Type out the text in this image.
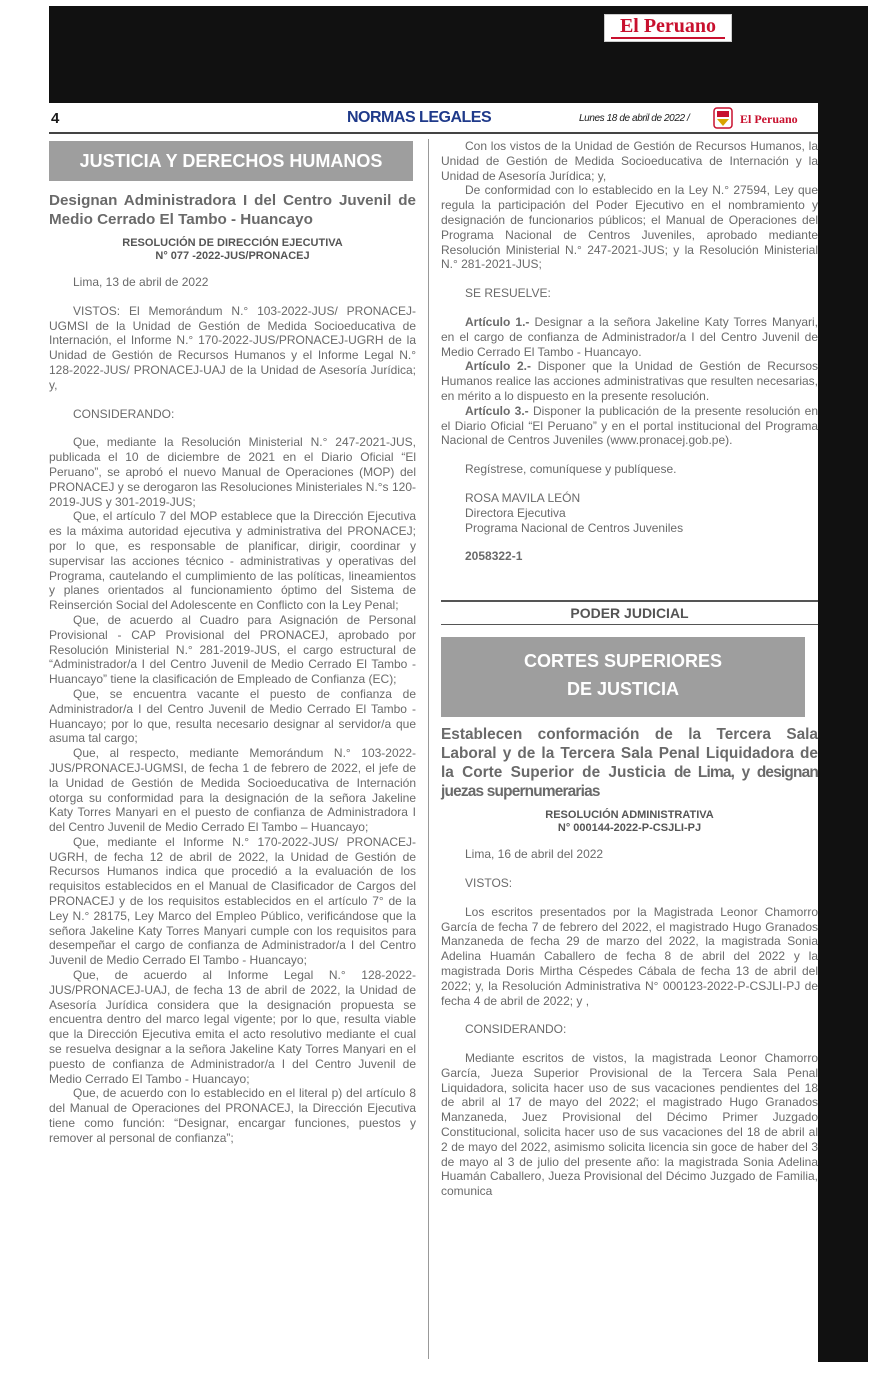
El Peruano
4	NORMAS LEGALES	Lunes 18 de abril de 2022 /	El Peruano
JUSTICIA Y DERECHOS HUMANOS
Designan Administradora I del Centro Juvenil de Medio Cerrado El Tambo - Huancayo
RESOLUCIÓN DE DIRECCIÓN EJECUTIVA
N° 077 -2022-JUS/PRONACEJ

Lima, 13 de abril de 2022

VISTOS: El Memorándum N.° 103-2022-JUS/ PRONACEJ-UGMSI de la Unidad de Gestión de Medida Socioeducativa de Internación, el Informe N.° 170-2022-JUS/PRONACEJ-UGRH de la Unidad de Gestión de Recursos Humanos y el Informe Legal N.° 128-2022-JUS/ PRONACEJ-UAJ de la Unidad de Asesoría Jurídica; y,

CONSIDERANDO:

Que, mediante la Resolución Ministerial N.° 247-2021-JUS, publicada el 10 de diciembre de 2021 en el Diario Oficial “El Peruano”, se aprobó el nuevo Manual de Operaciones (MOP) del PRONACEJ y se derogaron las Resoluciones Ministeriales N.°s 120-2019-JUS y 301-2019-JUS;

Que, el artículo 7 del MOP establece que la Dirección Ejecutiva es la máxima autoridad ejecutiva y administrativa del PRONACEJ; por lo que, es responsable de planificar, dirigir, coordinar y supervisar las acciones técnico - administrativas y operativas del Programa, cautelando el cumplimiento de las políticas, lineamientos y planes orientados al funcionamiento óptimo del Sistema de Reinserción Social del Adolescente en Conflicto con la Ley Penal;

Que, de acuerdo al Cuadro para Asignación de Personal Provisional - CAP Provisional del PRONACEJ, aprobado por Resolución Ministerial N.° 281-2019-JUS, el cargo estructural de “Administrador/a I del Centro Juvenil de Medio Cerrado El Tambo - Huancayo” tiene la clasificación de Empleado de Confianza (EC);

Que, se encuentra vacante el puesto de confianza de Administrador/a I del Centro Juvenil de Medio Cerrado El Tambo - Huancayo; por lo que, resulta necesario designar al servidor/a que asuma tal cargo;

Que, al respecto, mediante Memorándum N.° 103-2022-JUS/PRONACEJ-UGMSI, de fecha 1 de febrero de 2022, el jefe de la Unidad de Gestión de Medida Socioeducativa de Internación otorga su conformidad para la designación de la señora Jakeline Katy Torres Manyari en el puesto de confianza de Administradora I del Centro Juvenil de Medio Cerrado El Tambo – Huancayo;

Que, mediante el Informe N.° 170-2022-JUS/ PRONACEJ-UGRH, de fecha 12 de abril de 2022, la Unidad de Gestión de Recursos Humanos indica que procedió a la evaluación de los requisitos establecidos en el Manual de Clasificador de Cargos del PRONACEJ y de los requisitos establecidos en el artículo 7° de la Ley N.° 28175, Ley Marco del Empleo Público, verificándose que la señora Jakeline Katy Torres Manyari cumple con los requisitos para desempeñar el cargo de confianza de Administrador/a I del Centro Juvenil de Medio Cerrado El Tambo - Huancayo;

Que, de acuerdo al Informe Legal N.° 128-2022-JUS/PRONACEJ-UAJ, de fecha 13 de abril de 2022, la Unidad de Asesoría Jurídica considera que la designación propuesta se encuentra dentro del marco legal vigente; por lo que, resulta viable que la Dirección Ejecutiva emita el acto resolutivo mediante el cual se resuelva designar a la señora Jakeline Katy Torres Manyari en el puesto de confianza de Administrador/a I del Centro Juvenil de Medio Cerrado El Tambo - Huancayo;

Que, de acuerdo con lo establecido en el literal p) del artículo 8 del Manual de Operaciones del PRONACEJ, la Dirección Ejecutiva tiene como función: “Designar, encargar funciones, puestos y remover al personal de confianza”;

Con los vistos de la Unidad de Gestión de Recursos Humanos, la Unidad de Gestión de Medida Socioeducativa de Internación y la Unidad de Asesoría Jurídica; y,

De conformidad con lo establecido en la Ley N.° 27594, Ley que regula la participación del Poder Ejecutivo en el nombramiento y designación de funcionarios públicos; el Manual de Operaciones del Programa Nacional de Centros Juveniles, aprobado mediante Resolución Ministerial N.° 247-2021-JUS; y la Resolución Ministerial N.° 281-2021-JUS;

SE RESUELVE:

Artículo 1.- Designar a la señora Jakeline Katy Torres Manyari, en el cargo de confianza de Administrador/a I del Centro Juvenil de Medio Cerrado El Tambo - Huancayo.

Artículo 2.- Disponer que la Unidad de Gestión de Recursos Humanos realice las acciones administrativas que resulten necesarias, en mérito a lo dispuesto en la presente resolución.

Artículo 3.- Disponer la publicación de la presente resolución en el Diario Oficial “El Peruano” y en el portal institucional del Programa Nacional de Centros Juveniles (www.pronacej.gob.pe).

Regístrese, comuníquese y publíquese.

ROSA MAVILA LEÓN

Directora Ejecutiva

Programa Nacional de Centros Juveniles

2058322-1

PODER JUDICIAL
CORTES SUPERIORES
DE JUSTICIA
Establecen conformación de la Tercera Sala Laboral y de la Tercera Sala Penal Liquidadora de la Corte Superior de Justicia de Lima, y designan juezas supernumerarias
RESOLUCIÓN ADMINISTRATIVA
N° 000144-2022-P-CSJLI-PJ

Lima, 16 de abril del 2022

VISTOS:

Los escritos presentados por la Magistrada Leonor Chamorro García de fecha 7 de febrero del 2022, el magistrado Hugo Granados Manzaneda de fecha 29 de marzo del 2022, la magistrada Sonia Adelina Huamán Caballero de fecha 8 de abril del 2022 y la magistrada Doris Mirtha Céspedes Cábala de fecha 13 de abril del 2022; y, la Resolución Administrativa N° 000123-2022-P-CSJLI-PJ de fecha 4 de abril de 2022; y ,

CONSIDERANDO:

Mediante escritos de vistos, la magistrada Leonor Chamorro García, Jueza Superior Provisional de la Tercera Sala Penal Liquidadora, solicita hacer uso de sus vacaciones pendientes del 18 de abril al 17 de mayo del 2022; el magistrado Hugo Granados Manzaneda, Juez Provisional del Décimo Primer Juzgado Constitucional, solicita hacer uso de sus vacaciones del 18 de abril al 2 de mayo del 2022, asimismo solicita licencia sin goce de haber del 3 de mayo al 3 de julio del presente año: la magistrada Sonia Adelina Huamán Caballero, Jueza Provisional del Décimo Juzgado de Familia, comunica
